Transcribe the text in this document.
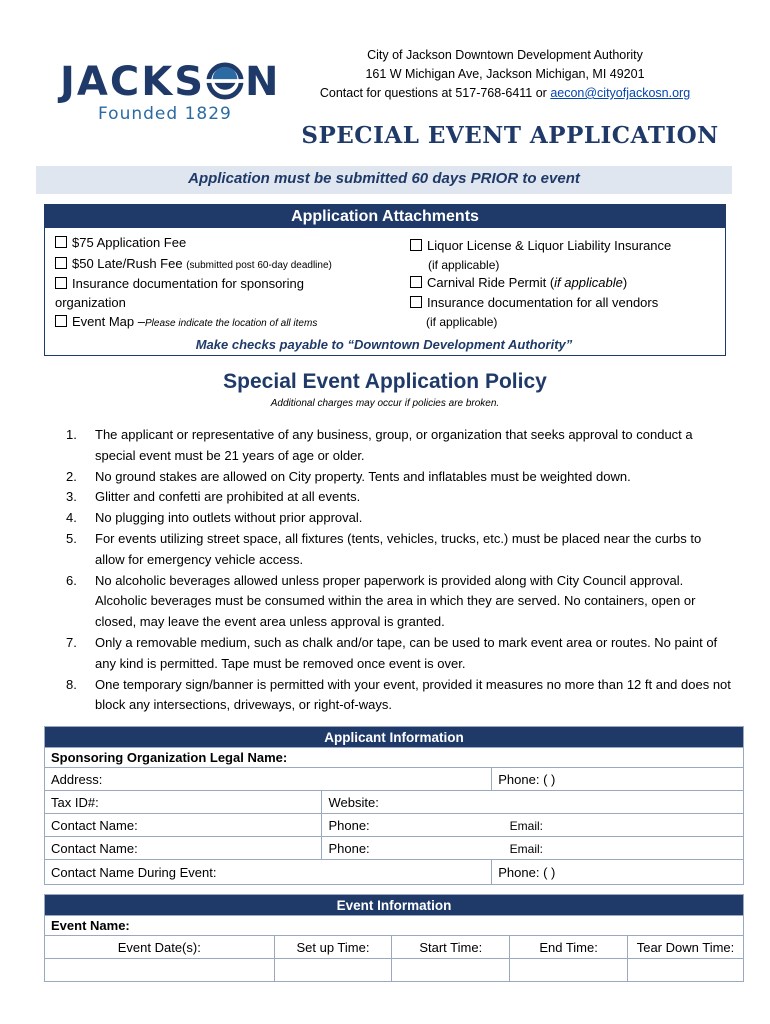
JACKS N
Founded 1829
City of Jackson Downtown Development Authority
161 W Michigan Ave, Jackson Michigan, MI 49201
Contact for questions at 517-768-6411 or aecon@cityofjackosn.org
SPECIAL EVENT APPLICATION
Application must be submitted 60 days PRIOR to event
Application Attachments
$75 Application Fee
$50 Late/Rush Fee (submitted post 60-day deadline)
Insurance documentation for sponsoring
organization
Event Map –Please indicate the location of all items
Liquor License & Liquor Liability Insurance
(if applicable)
Carnival Ride Permit (if applicable)
Insurance documentation for all vendors
(if applicable)
Make checks payable to “Downtown Development Authority”
Special Event Application Policy
Additional charges may occur if policies are broken.
1. The applicant or representative of any business, group, or organization that seeks approval to conduct a special event must be 21 years of age or older.
2. No ground stakes are allowed on City property. Tents and inflatables must be weighted down.
3. Glitter and confetti are prohibited at all events.
4. No plugging into outlets without prior approval.
5. For events utilizing street space, all fixtures (tents, vehicles, trucks, etc.) must be placed near the curbs to allow for emergency vehicle access.
6. No alcoholic beverages allowed unless proper paperwork is provided along with City Council approval. Alcoholic beverages must be consumed within the area in which they are served. No containers, open or closed, may leave the event area unless approval is granted.
7. Only a removable medium, such as chalk and/or tape, can be used to mark event area or routes. No paint of any kind is permitted. Tape must be removed once event is over.
8. One temporary sign/banner is permitted with your event, provided it measures no more than 12 ft and does not block any intersections, driveways, or right-of-ways.
Applicant Information		
Sponsoring Organization Legal Name:		
Address:		Phone: ( )
Tax ID#:	Website:	
Contact Name:	Phone: Email:	
Contact Name:	Phone: Email:	
Contact Name During Event:		Phone: ( )
Event Information				
Event Name:				
Event Date(s):	Set up Time:	Start Time:	End Time:	Tear Down Time:
